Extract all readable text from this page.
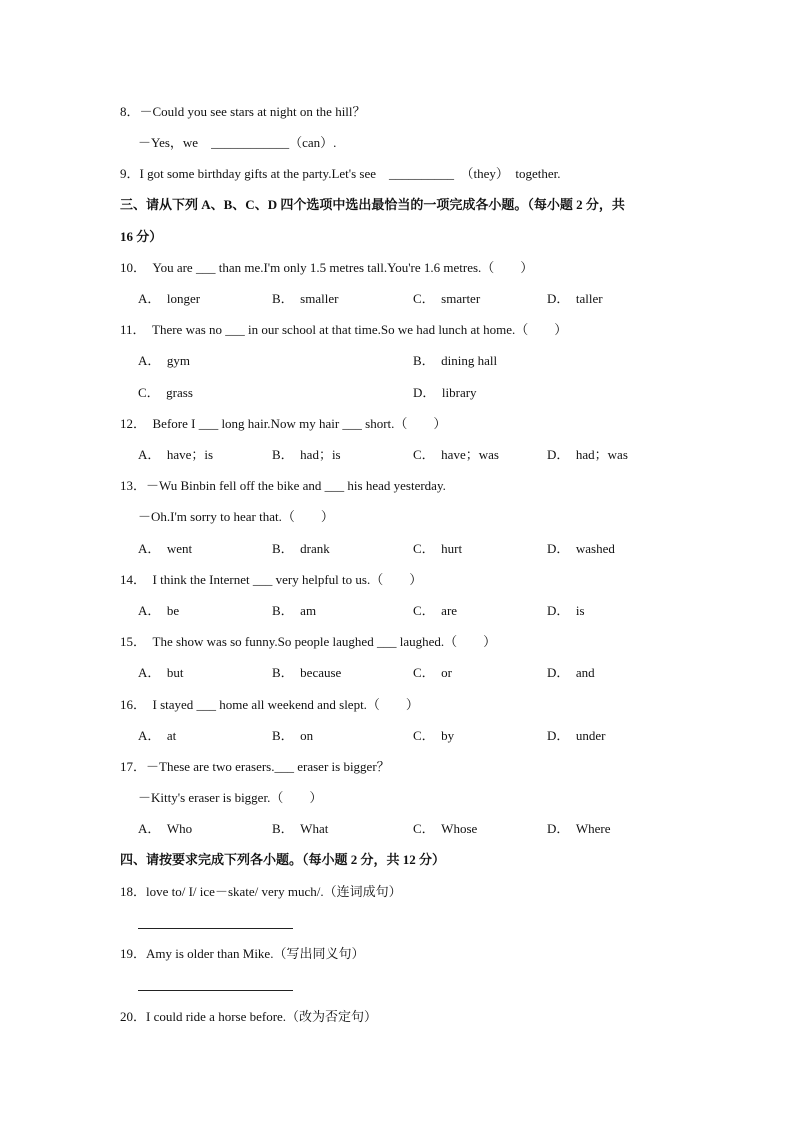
8．－Could you see stars at night on the hill？
－Yes，we　____________（can）.
9．I got some birthday gifts at the party.Let's see　__________　（they）　together.
三、请从下列 A、B、C、D 四个选项中选出最恰当的一项完成各小题。（每小题 2 分，共
16 分）
10．　You are ___ than me.I'm only 1.5 metres tall.You're 1.6 metres.（　　）
A．　longer	B．　smaller	C．　smarter	D．　taller
11．　There was no ___ in our school at that time.So we had lunch at home.（　　）
A．　gym	B．　dining hall
C．　grass	D．　library
12．　Before I ___ long hair.Now my hair ___ short.（　　）
A．　have；is	B．　had；is	C．　have；was	D．　had；was
13．－Wu Binbin fell off the bike and ___ his head yesterday.
－Oh.I'm sorry to hear that.（　　）
A．　went	B．　drank	C．　hurt	D．　washed
14．　I think the Internet ___ very helpful to us.（　　）
A．　be	B．　am	C．　are	D．　is
15．　The show was so funny.So people laughed ___ laughed.（　　）
A．　but	B．　because	C．　or	D．　and
16．　I stayed ___ home all weekend and slept.（　　）
A．　at	B．　on	C．　by	D．　under
17．－These are two erasers.___ eraser is bigger？
－Kitty's eraser is bigger.（　　）
A．　Who	B．　What	C．　Whose	D．　Where
四、请按要求完成下列各小题。（每小题 2 分，共 12 分）
18．love to/ I/ ice－skate/ very much/.（连词成句）
19．Amy is older than Mike.（写出同义句）
20．I could ride a horse before.（改为否定句）
